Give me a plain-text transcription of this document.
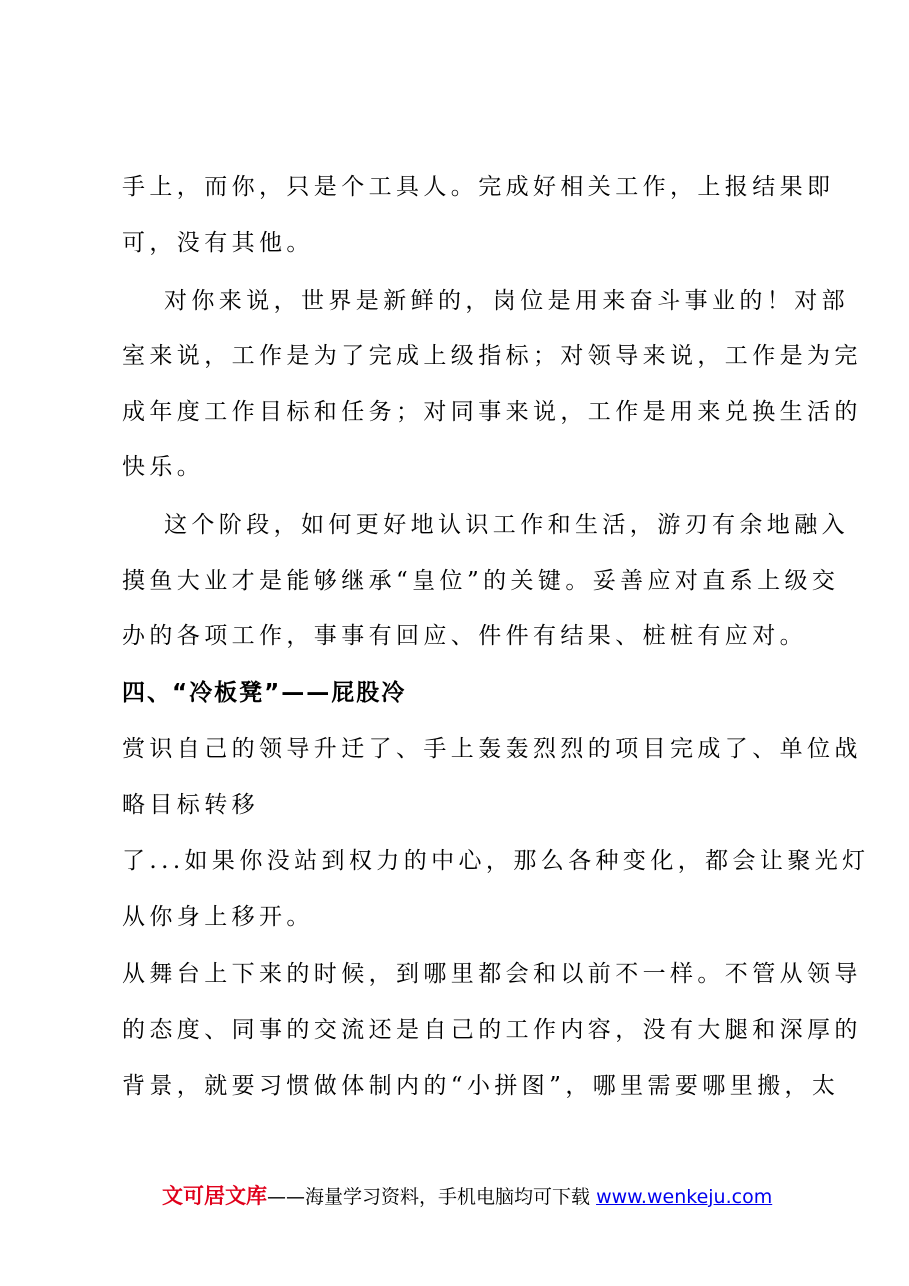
手上，而你，只是个工具人。完成好相关工作，上报结果即
可，没有其他。
对你来说，世界是新鲜的，岗位是用来奋斗事业的！对部
室来说，工作是为了完成上级指标；对领导来说，工作是为完
成年度工作目标和任务；对同事来说，工作是用来兑换生活的
快乐。
这个阶段，如何更好地认识工作和生活，游刃有余地融入
摸鱼大业才是能够继承“皇位”的关键。妥善应对直系上级交
办的各项工作，事事有回应、件件有结果、桩桩有应对。
四、“冷板凳”——屁股冷
赏识自己的领导升迁了、手上轰轰烈烈的项目完成了、单位战
略目标转移
了...如果你没站到权力的中心，那么各种变化，都会让聚光灯
从你身上移开。
从舞台上下来的时候，到哪里都会和以前不一样。不管从领导
的态度、同事的交流还是自己的工作内容，没有大腿和深厚的
背景，就要习惯做体制内的“小拼图”，哪里需要哪里搬，太
文可居文库——海量学习资料，手机电脑均可下载 www.wenkeju.com
